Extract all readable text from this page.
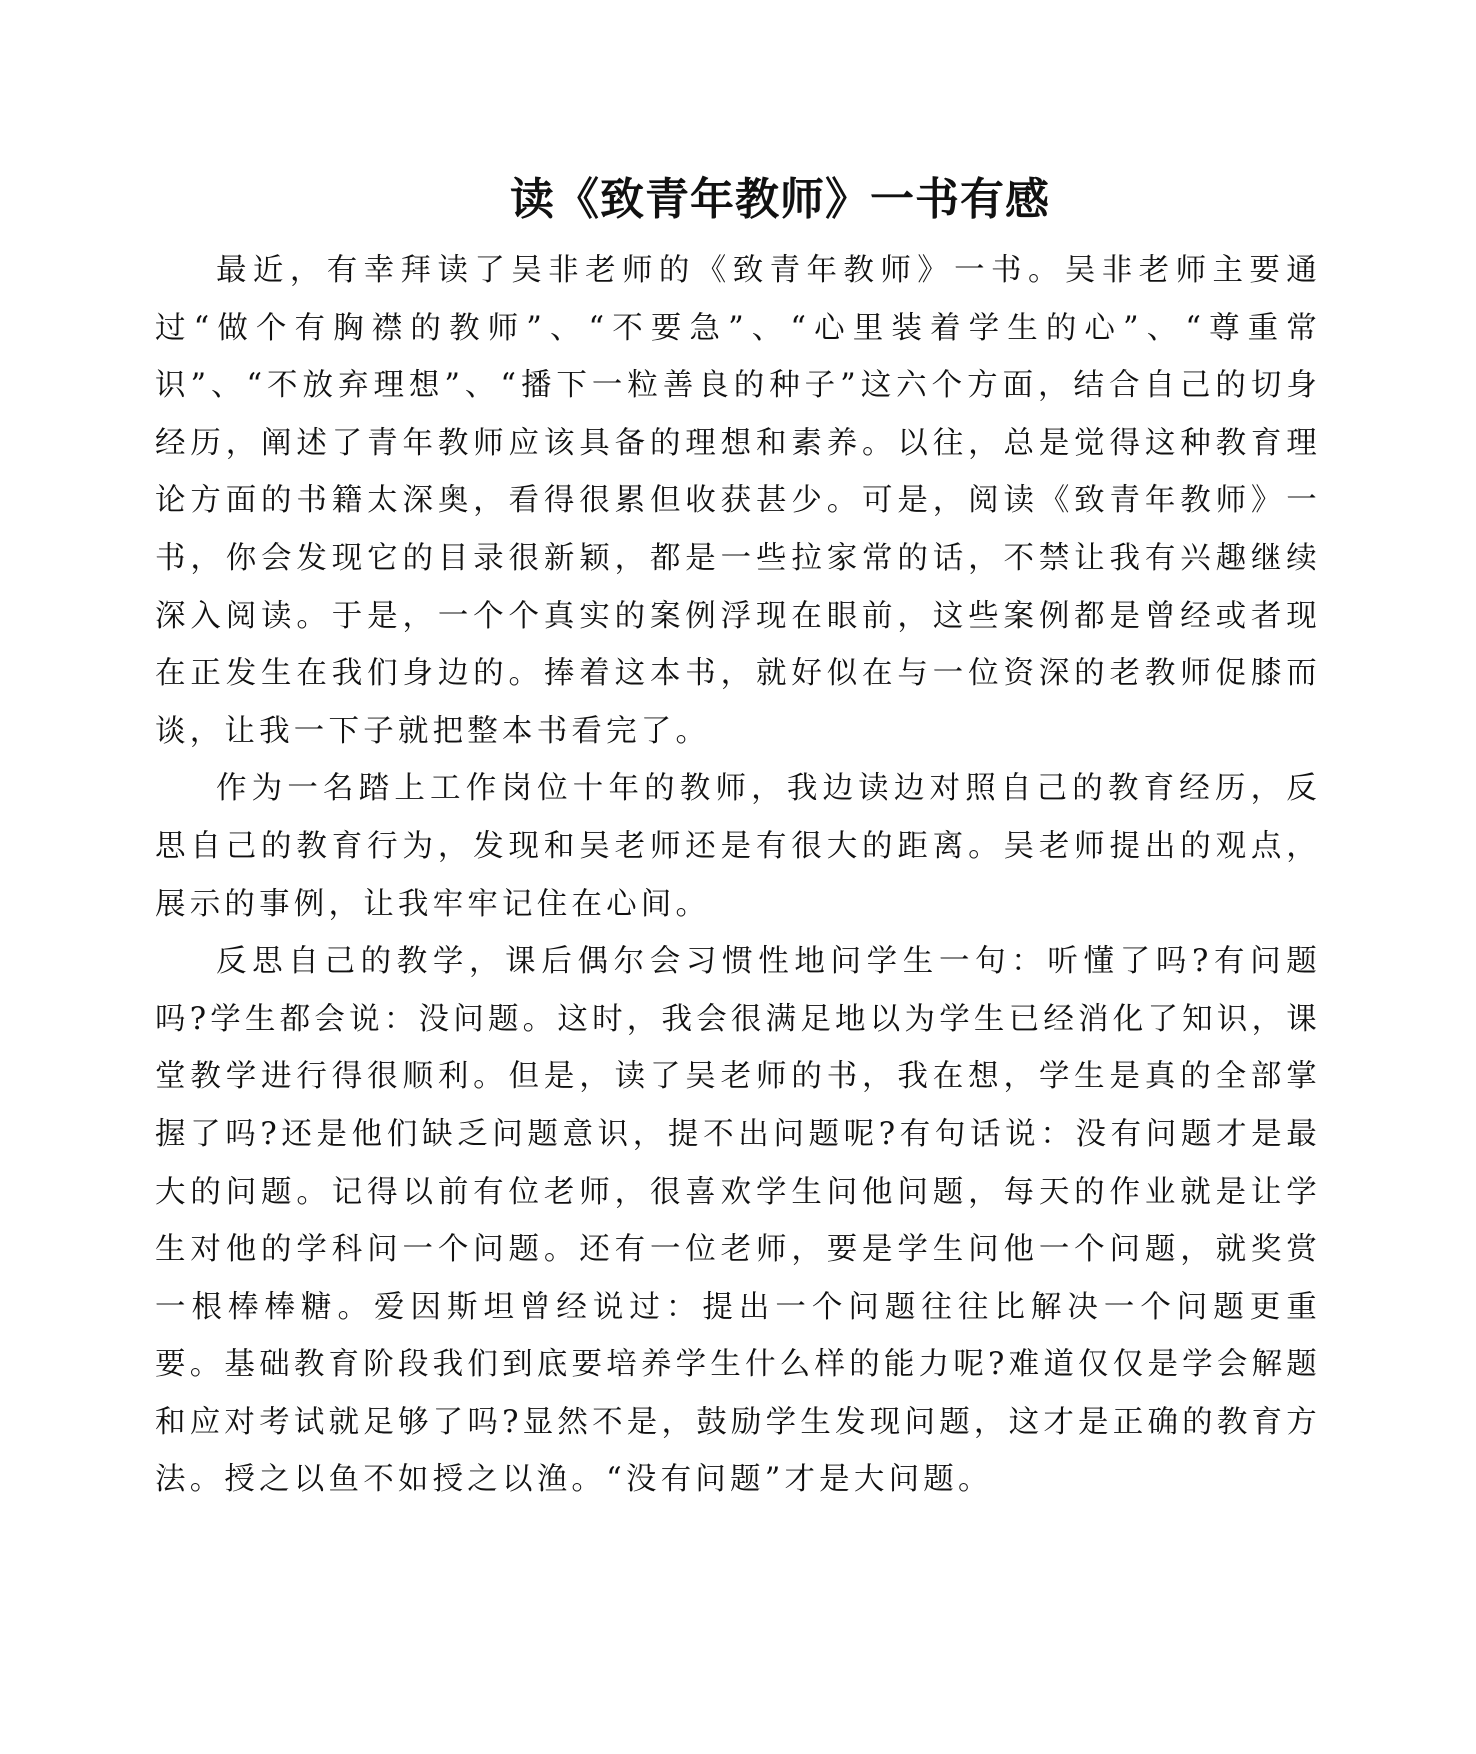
读《致青年教师》一书有感

最近，有幸拜读了吴非老师的《致青年教师》一书。吴非老师主要通过“做个有胸襟的教师”、“不要急”、“心里装着学生的心”、“尊重常识”、“不放弃理想”、“播下一粒善良的种子”这六个方面，结合自己的切身经历，阐述了青年教师应该具备的理想和素养。以往，总是觉得这种教育理论方面的书籍太深奥，看得很累但收获甚少。可是，阅读《致青年教师》一书，你会发现它的目录很新颖，都是一些拉家常的话，不禁让我有兴趣继续深入阅读。于是，一个个真实的案例浮现在眼前，这些案例都是曾经或者现在正发生在我们身边的。捧着这本书，就好似在与一位资深的老教师促膝而谈，让我一下子就把整本书看完了。

作为一名踏上工作岗位十年的教师，我边读边对照自己的教育经历，反思自己的教育行为，发现和吴老师还是有很大的距离。吴老师提出的观点，展示的事例，让我牢牢记住在心间。

反思自己的教学，课后偶尔会习惯性地问学生一句：听懂了吗?有问题吗?学生都会说：没问题。这时，我会很满足地以为学生已经消化了知识，课堂教学进行得很顺利。但是，读了吴老师的书，我在想，学生是真的全部掌握了吗?还是他们缺乏问题意识，提不出问题呢?有句话说：没有问题才是最大的问题。记得以前有位老师，很喜欢学生问他问题，每天的作业就是让学生对他的学科问一个问题。还有一位老师，要是学生问他一个问题，就奖赏一根棒棒糖。爱因斯坦曾经说过：提出一个问题往往比解决一个问题更重要。基础教育阶段我们到底要培养学生什么样的能力呢?难道仅仅是学会解题和应对考试就足够了吗?显然不是，鼓励学生发现问题，这才是正确的教育方法。授之以鱼不如授之以渔。“没有问题”才是大问题。
